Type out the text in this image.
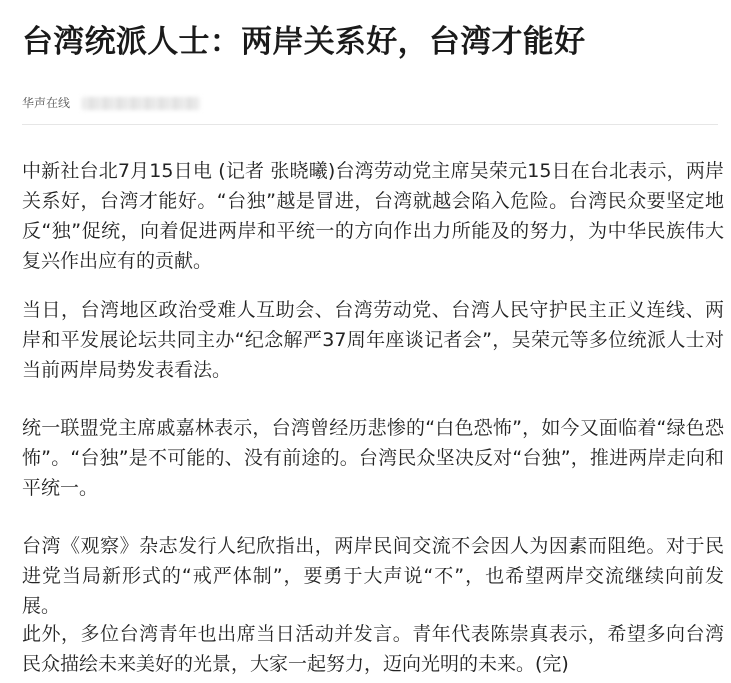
台湾统派人士：两岸关系好，台湾才能好
华声在线

中新社台北7月15日电 (记者 张晓曦)台湾劳动党主席吴荣元15日在台北表示，两岸关系好，台湾才能好。“台独”越是冒进，台湾就越会陷入危险。台湾民众要坚定地反“独”促统，向着促进两岸和平统一的方向作出力所能及的努力，为中华民族伟大复兴作出应有的贡献。

当日，台湾地区政治受难人互助会、台湾劳动党、台湾人民守护民主正义连线、两岸和平发展论坛共同主办“纪念解严37周年座谈记者会”，吴荣元等多位统派人士对当前两岸局势发表看法。

统一联盟党主席戚嘉林表示，台湾曾经历悲惨的“白色恐怖”，如今又面临着“绿色恐怖”。“台独”是不可能的、没有前途的。台湾民众坚决反对“台独”，推进两岸走向和平统一。

台湾《观察》杂志发行人纪欣指出，两岸民间交流不会因人为因素而阻绝。对于民进党当局新形式的“戒严体制”，要勇于大声说“不”，也希望两岸交流继续向前发展。

此外，多位台湾青年也出席当日活动并发言。青年代表陈崇真表示，希望多向台湾民众描绘未来美好的光景，大家一起努力，迈向光明的未来。(完)
